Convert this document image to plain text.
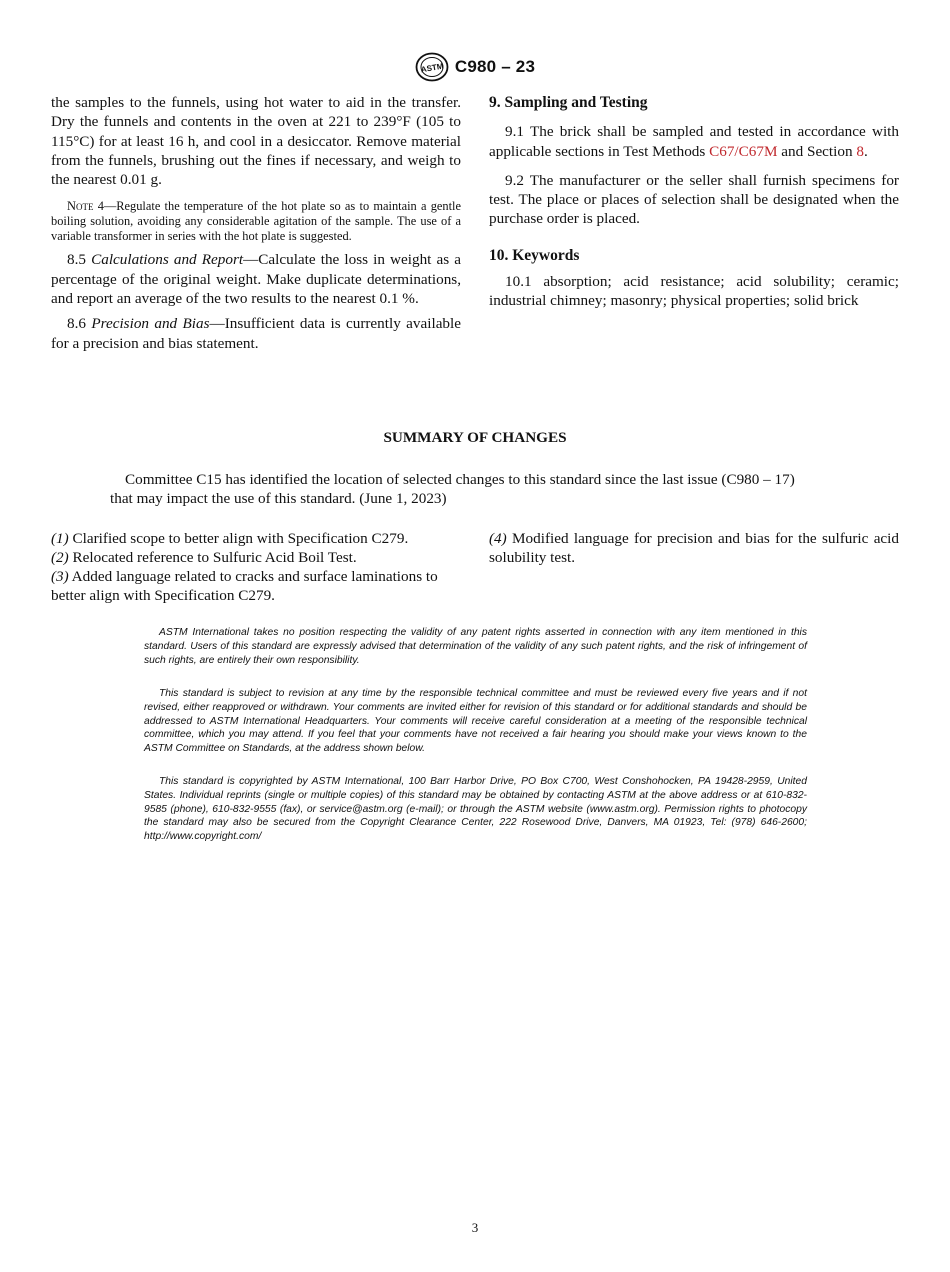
ASTM C980 – 23

the samples to the funnels, using hot water to aid in the transfer. Dry the funnels and contents in the oven at 221 to 239°F (105 to 115°C) for at least 16 h, and cool in a desiccator. Remove material from the funnels, brushing out the fines if necessary, and weigh to the nearest 0.01 g.

Note 4—Regulate the temperature of the hot plate so as to maintain a gentle boiling solution, avoiding any considerable agitation of the sample. The use of a variable transformer in series with the hot plate is suggested.

8.5 Calculations and Report—Calculate the loss in weight as a percentage of the original weight. Make duplicate determinations, and report an average of the two results to the nearest 0.1 %.

8.6 Precision and Bias—Insufficient data is currently available for a precision and bias statement.

9. Sampling and Testing

9.1 The brick shall be sampled and tested in accordance with applicable sections in Test Methods C67/C67M and Section 8.

9.2 The manufacturer or the seller shall furnish specimens for test. The place or places of selection shall be designated when the purchase order is placed.

10. Keywords

10.1 absorption; acid resistance; acid solubility; ceramic; industrial chimney; masonry; physical properties; solid brick

SUMMARY OF CHANGES
Committee C15 has identified the location of selected changes to this standard since the last issue (C980 – 17)
that may impact the use of this standard. (June 1, 2023)

(1) Clarified scope to better align with Specification C279.

(2) Relocated reference to Sulfuric Acid Boil Test.

(3) Added language related to cracks and surface laminations to better align with Specification C279.

(4) Modified language for precision and bias for the sulfuric acid solubility test.

ASTM International takes no position respecting the validity of any patent rights asserted in connection with any item mentioned in this standard. Users of this standard are expressly advised that determination of the validity of any such patent rights, and the risk of infringement of such rights, are entirely their own responsibility.

This standard is subject to revision at any time by the responsible technical committee and must be reviewed every five years and if not revised, either reapproved or withdrawn. Your comments are invited either for revision of this standard or for additional standards and should be addressed to ASTM International Headquarters. Your comments will receive careful consideration at a meeting of the responsible technical committee, which you may attend. If you feel that your comments have not received a fair hearing you should make your views known to the ASTM Committee on Standards, at the address shown below.

This standard is copyrighted by ASTM International, 100 Barr Harbor Drive, PO Box C700, West Conshohocken, PA 19428-2959, United States. Individual reprints (single or multiple copies) of this standard may be obtained by contacting ASTM at the above address or at 610-832-9585 (phone), 610-832-9555 (fax), or service@astm.org (e-mail); or through the ASTM website (www.astm.org). Permission rights to photocopy the standard may also be secured from the Copyright Clearance Center, 222 Rosewood Drive, Danvers, MA 01923, Tel: (978) 646-2600; http://www.copyright.com/

3
